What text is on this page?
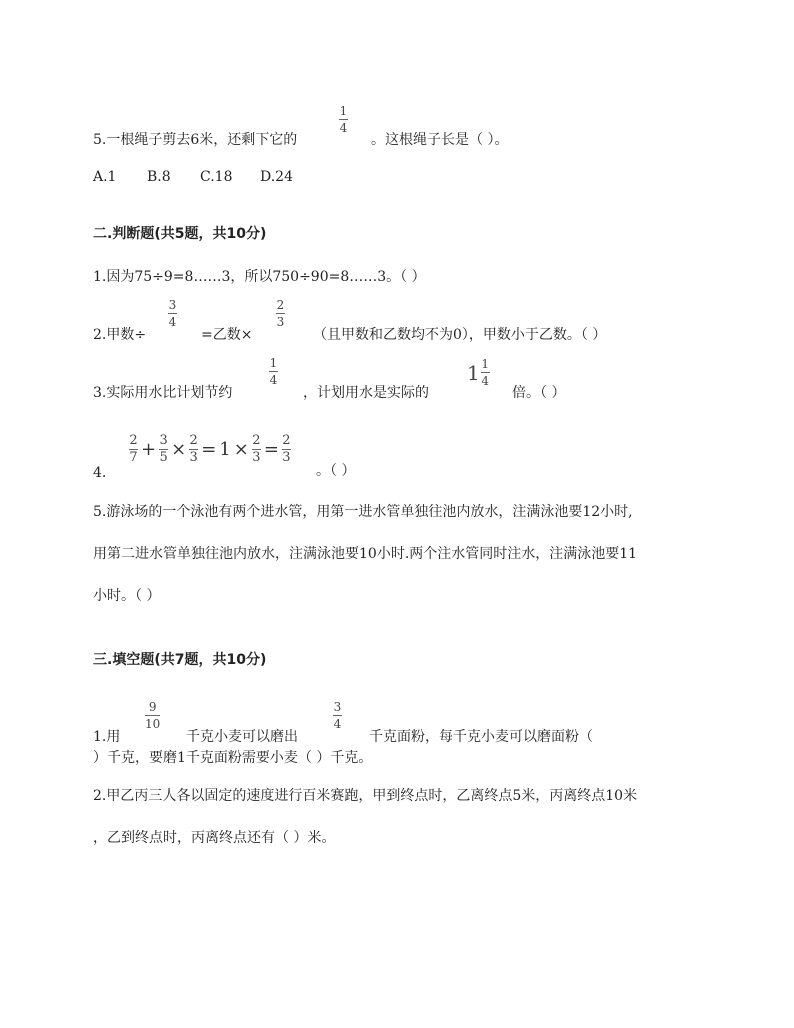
5.一根绳子剪去6米，还剩下它的
1
4
。这根绳子长是（ ）。
A.1 B.8 C.18 D.24
二.判断题(共5题，共10分)
1.因为75÷9=8……3，所以750÷90=8……3。（ ）
2.甲数÷
3
4
=乙数×
2
3
（且甲数和乙数均不为0），甲数小于乙数。（ ）
3.实际用水比计划节约
1
4
，计划用水是实际的
$1 \frac{1}{4}$
倍。（ ）
4.
$\frac{2}{7} + \frac{3}{5} \times \frac{2}{3} = 1 \times \frac{2}{3} = \frac{2}{3}$
。（ ）
5.游泳场的一个泳池有两个进水管，用第一进水管单独往池内放水，注满泳池要12小时,
用第二进水管单独往池内放水，注满泳池要10小时.两个注水管同时注水，注满泳池要11
小时。（ ）
三.填空题(共7题，共10分)
1.用
9
10
千克小麦可以磨出
3
4
千克面粉，每千克小麦可以磨面粉（
）千克，要磨1千克面粉需要小麦（ ）千克。
2.甲乙丙三人各以固定的速度进行百米赛跑，甲到终点时，乙离终点5米，丙离终点10米
，乙到终点时，丙离终点还有（ ）米。
